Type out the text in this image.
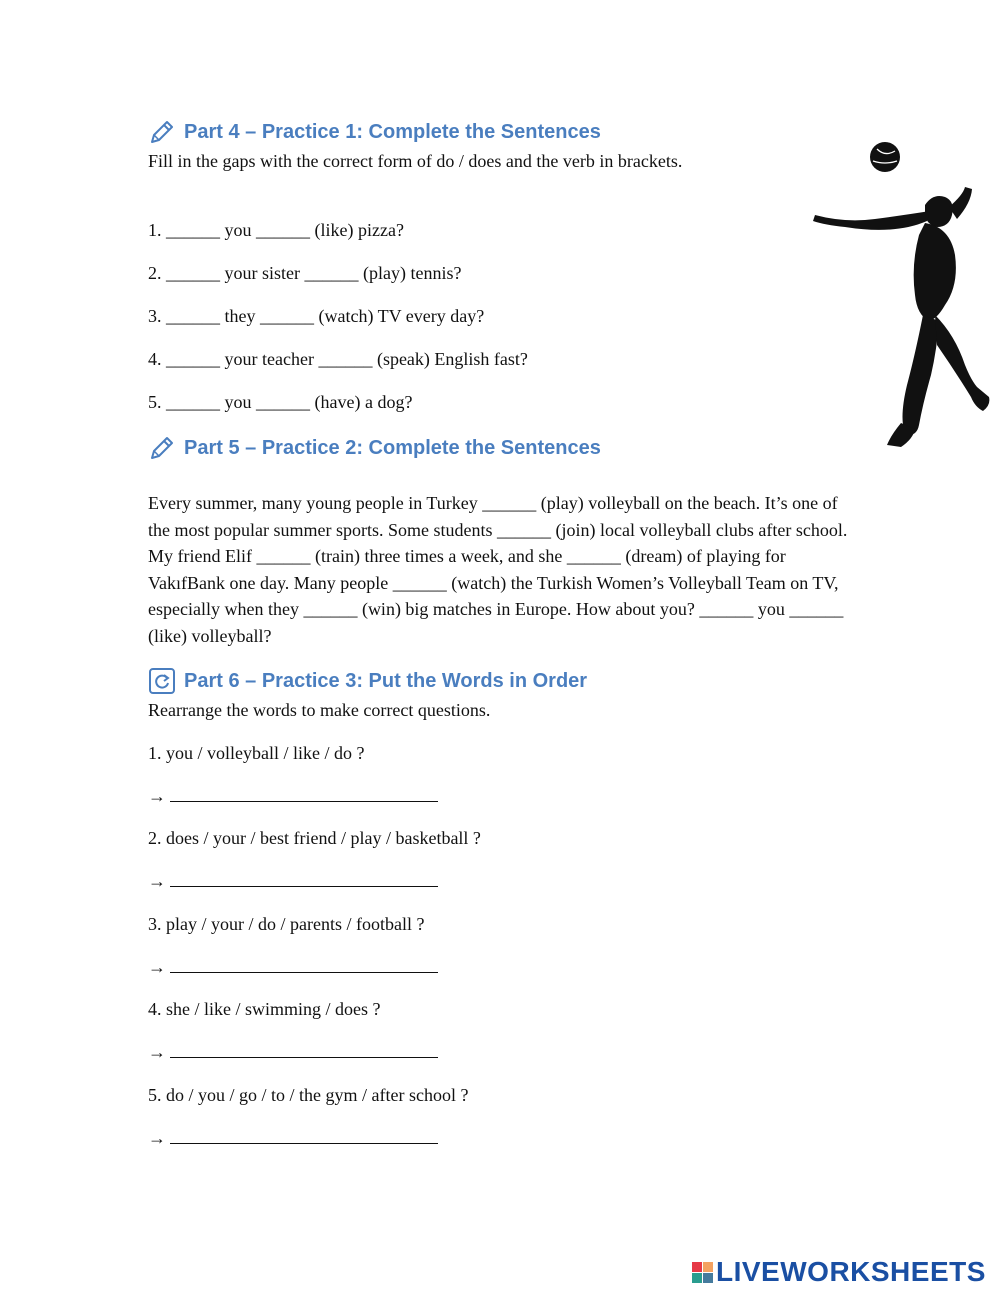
Part 4 – Practice 1: Complete the Sentences
Fill in the gaps with the correct form of do / does and the verb in brackets.
1. ______ you ______ (like) pizza?
2. ______ your sister ______ (play) tennis?
3. ______ they ______ (watch) TV every day?
4. ______ your teacher ______ (speak) English fast?
5. ______ you ______ (have) a dog?
Part 5 – Practice 2: Complete the Sentences
Every summer, many young people in Turkey ______ (play) volleyball on the beach. It’s one of the most popular summer sports. Some students ______ (join) local volleyball clubs after school. My friend Elif ______ (train) three times a week, and she ______ (dream) of playing for VakıfBank one day. Many people ______ (watch) the Turkish Women’s Volleyball Team on TV, especially when they ______ (win) big matches in Europe. How about you? ______ you ______ (like) volleyball?
Part 6 – Practice 3: Put the Words in Order
Rearrange the words to make correct questions.
1. you / volleyball / like / do ?
→
2. does / your / best friend / play / basketball ?
→
3. play / your / do / parents / football ?
→
4. she / like / swimming / does ?
→
5. do / you / go / to / the gym / after school ?
→
LIVEWORKSHEETS
